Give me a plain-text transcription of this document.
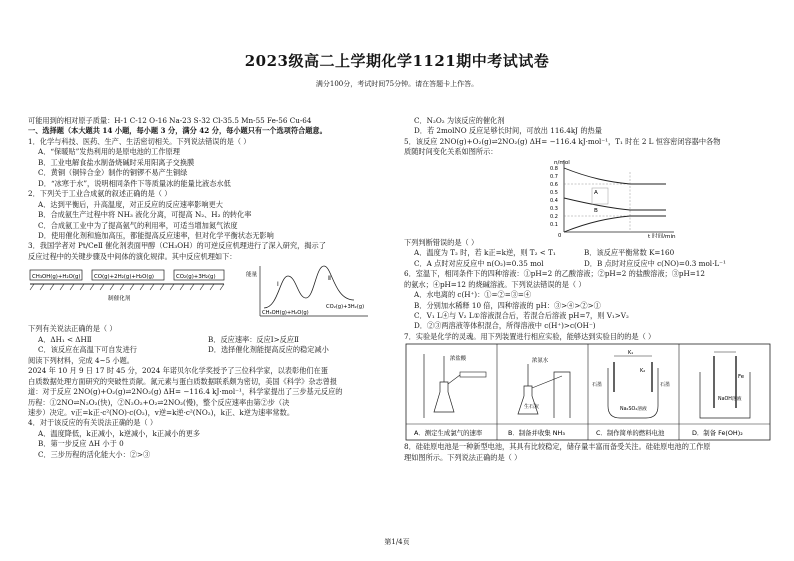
2023级高二上学期化学1121期中考试试卷
满分100分，考试时间75分钟。请在答题卡上作答。
可能用到的相对原子质量：H-1 C-12 O-16 Na-23 S-32 Cl-35.5 Mn-55 Fe-56 Cu-64
一、选择题（本大题共 14 小题，每小题 3 分，满分 42 分，每小题只有一个选项符合题意。
1．化学与科技、医药、生产、生活密切相关。下列说法错误的是（ ）
A．“保暖贴”发热利用的是原电池的工作原理
B．工业电解食盐水制备烧碱时采用阳离子交换膜
C．黄铜（铜锌合金）制作的铜锣不易产生铜绿
D．“冰寒于水”，说明相同条件下等质量冰的能量比液态水低
2．下列关于工业合成氨的叙述正确的是（ ）
A．达到平衡后，升高温度，对正反应的反应速率影响更大
B．合成氨生产过程中将 NH₃ 液化分离，可提高 N₂、H₂ 的转化率
C．合成氨工业中为了提高氨气的利用率，可适当增加氮气浓度
D．使用催化剂和施加高压，都能提高反应速率，但对化学平衡状态无影响
3．我国学者对 Pt/CeⅡ 催化剂表面甲醇（CH₃OH）的可逆反应机理进行了深入研究，揭示了
反应过程中的关键步骤及中间体的演化规律。其中反应机理如下：
CH₃OH(g)+H₂O(g) CO(g)+2H₂(g)+H₂O(g)	CO₂(g)+3H₂(g)
制催化剂
能量
Ⅰ
Ⅱ
CH₃OH(g)+H₂O(g)
CO₂(g)+3H₂(g)
下列有关说法正确的是（ ）
A．ΔH₁ < ΔHⅡ	B．反应速率：反应Ⅰ>反应Ⅱ
C．该反应在高温下可自发进行	D．选择催化剂能提高反应的稳定减小
阅读下列材料，完成 4~5 小题。
2024 年 10 月 9 日 17 时 45 分，2024 年诺贝尔化学奖授予了三位科学家，以表彰他们在蛋
白质数据处理方面研究的突破性贡献。氮元素与蛋白质数据联系颇为密切，美国《科学》杂志曾报
道：对于反应 2NO(g)+O₂(g)⇌2NO₂(g) ΔH= −116.4 kJ·mol⁻¹，科学家提出了三步基元反应的
历程：①2NO⇌N₂O₂(快)，②N₂O₂+O₂⇌2NO₂(慢)，整个反应速率由第②步（决
速步）决定。v正=k正·c²(NO)·c(O₂)，v逆=k逆·c²(NO₂)，k正、k逆为速率常数。
4．对于该反应的有关说法正确的是（ ）
A．温度降低，k正减小，k逆减小，k正减小的更多
B．第一步反应 ΔH 小于 0
C．三步历程的活化能大小：②>③
C．N₂O₂ 为该反应的催化剂
D．若 2molNO 反应足够长时间，可放出 116.4kJ 的热量
5．该反应 2NO(g)+O₂(g)⇌2NO₂(g) ΔH= −116.4 kJ·mol⁻¹，T₁ 时在 2 L 恒容密闭容器中各物
质随时间变化关系如图所示：
n/mol
t 时间/min
0
0.8
0.7
0.6
0.5
0.4
0.3
0.2
0.1
A
B
下列判断错误的是（ ）
A．温度为 T₂ 时，若 k正=k逆，则 T₂ < T₁	B．该反应平衡常数 K=160
C．A 点时对应反应中 n(O₂)=0.35 mol	D．B 点时对应反应中 c(NO)=0.3 mol·L⁻¹
6．室温下，相同条件下的四种溶液：①pH=2 的乙酸溶液；②pH=2 的盐酸溶液；③pH=12
的氨水；④pH=12 的烧碱溶液。下列说法错误的是（ ）
A．水电离的 c(H⁺)：①=②=③=④
B．分别加水稀释 10 倍，四种溶液的 pH：③>④>②>①
C．V₁ L④与 V₂ L①溶液混合后，若混合后溶液 pH=7，则 V₁>V₂
D．②③两溶液等体积混合，所得溶液中 c(H⁺)>c(OH⁻)
7．实验是化学的灵魂。用下列装置进行相应实验，能够达到实验目的的是（ ）
浓盐酸	浓氨水
生石灰
石墨	石墨
Na₂SO₄溶液
K₁
K₂
Fe
NaOH溶液
A．测定生成氯气的速率	B．制备并收集 NH₃	C．制作简单的燃料电池	D．制备 Fe(OH)₂
8．硅硅原电池是一种新型电池，其具有比较稳定，储存量丰富而备受关注。硅硅原电池的工作原
理如图所示。下列说法正确的是（ ）
第1/4页
